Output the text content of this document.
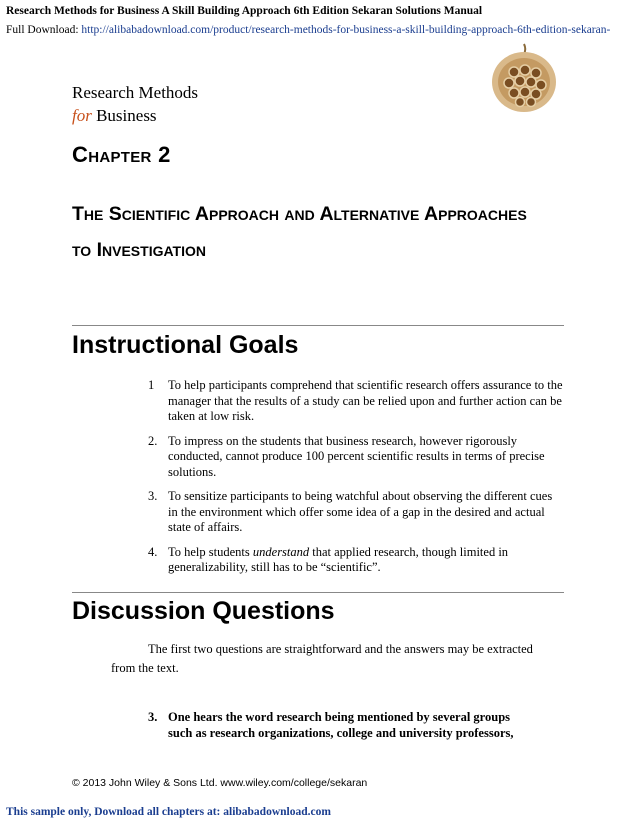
Research Methods for Business A Skill Building Approach 6th Edition Sekaran Solutions Manual
Full Download: http://alibabadownload.com/product/research-methods-for-business-a-skill-building-approach-6th-edition-sekaran-
Research Methods
for Business
Chapter 2
The Scientific Approach and Alternative Approaches to Investigation
Instructional Goals
1 To help participants comprehend that scientific research offers assurance to the manager that the results of a study can be relied upon and further action can be taken at low risk.
2. To impress on the students that business research, however rigorously conducted, cannot produce 100 percent scientific results in terms of precise solutions.
3. To sensitize participants to being watchful about observing the different cues in the environment which offer some idea of a gap in the desired and actual state of affairs.
4. To help students understand that applied research, though limited in generalizability, still has to be “scientific”.
Discussion Questions
The first two questions are straightforward and the answers may be extracted from the text.
3. One hears the word research being mentioned by several groups
such as research organizations, college and university professors,
© 2013 John Wiley & Sons Ltd. www.wiley.com/college/sekaran
This sample only, Download all chapters at: alibabadownload.com
